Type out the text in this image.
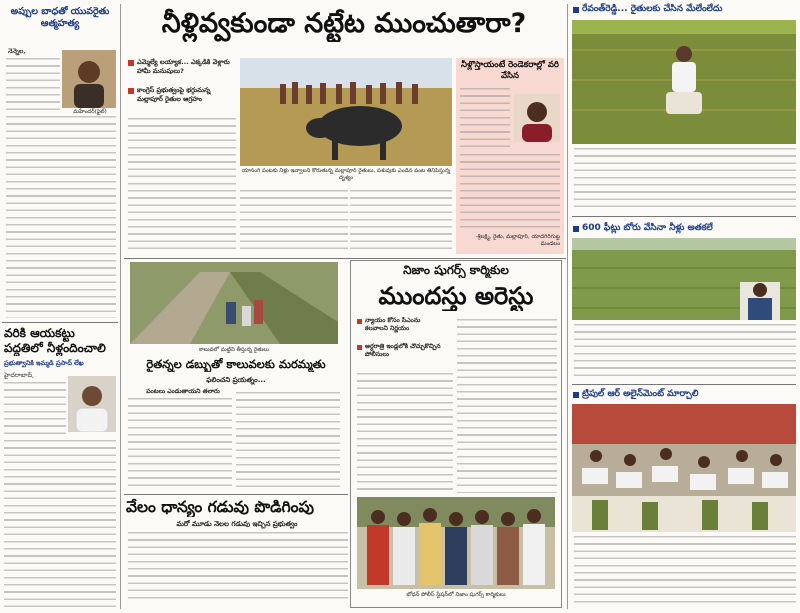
అప్పుల బాధతో యువరైతు ఆత్మహత్య
నెన్నెల,
మహేందర్(ఫైల్)
వరికి ఆయకట్టు పద్ధతిలో నీళ్లందించాలి
ప్రభుత్వానికి ఇమ్మడి ప్రసాద్ లేఖ
హైదరాబాద్,
నీళ్లివ్వకుండా నట్టేట ముంచుతారా?
ఎమ్మెల్యే లయ్యాక... ఎక్కడికి వెళ్లారు హామీ మనుషులు?
కాంగ్రెస్ ప్రభుత్వంపై భగ్గుమన్న మల్లాపూర్ రైతుల ఆగ్రహం
యాసంగి పంటకు నీళ్లు ఇవ్వాలని కోరుతున్న మల్లాపూర్ రైతులు, పశువుకు ఎండిన పంట తినిపిస్తున్న దృశ్యం
నీళ్లొస్తాయంటే రెండెకరాల్లో వరి వేసిన
-శ్రీలక్ష్మి, రైతు, మల్లాపూర్, యాదగిరిగుట్ట మండలం
కాలువలో మట్టిని తీస్తున్న రైతులు
రైతన్నల డబ్బుతో కాలువలకు మరమ్మతు
ఫలించని ప్రయత్నం...
పంటలు ఎండుతాయని తలారు
వేలం ధాన్యం గడువు పొడిగింపు
మరో మూడు నెలల గడువు ఇచ్చిన ప్రభుత్వం
నిజాం షుగర్స్ కార్మికుల
ముందస్తు అరెస్టు
న్యాయం కోసం సీఎంను కలవాలని నిర్ణయం
అర్ధరాత్రి ఇండ్లలోకి చొచ్చుకొచ్చిన పోలీసులు
బోధన్ పోలీస్ స్టేషన్‌లో నిజాం షుగర్స్ కార్మికులు
రేవంత్‌రెడ్డి... రైతులకు చేసిన మేలేంలేదు
600 ఫీట్లు బోరు వేసినా నీళ్లు అతకలే
ట్రిపుల్ ఆర్ అలైన్‌మెంట్ మార్చాలి
